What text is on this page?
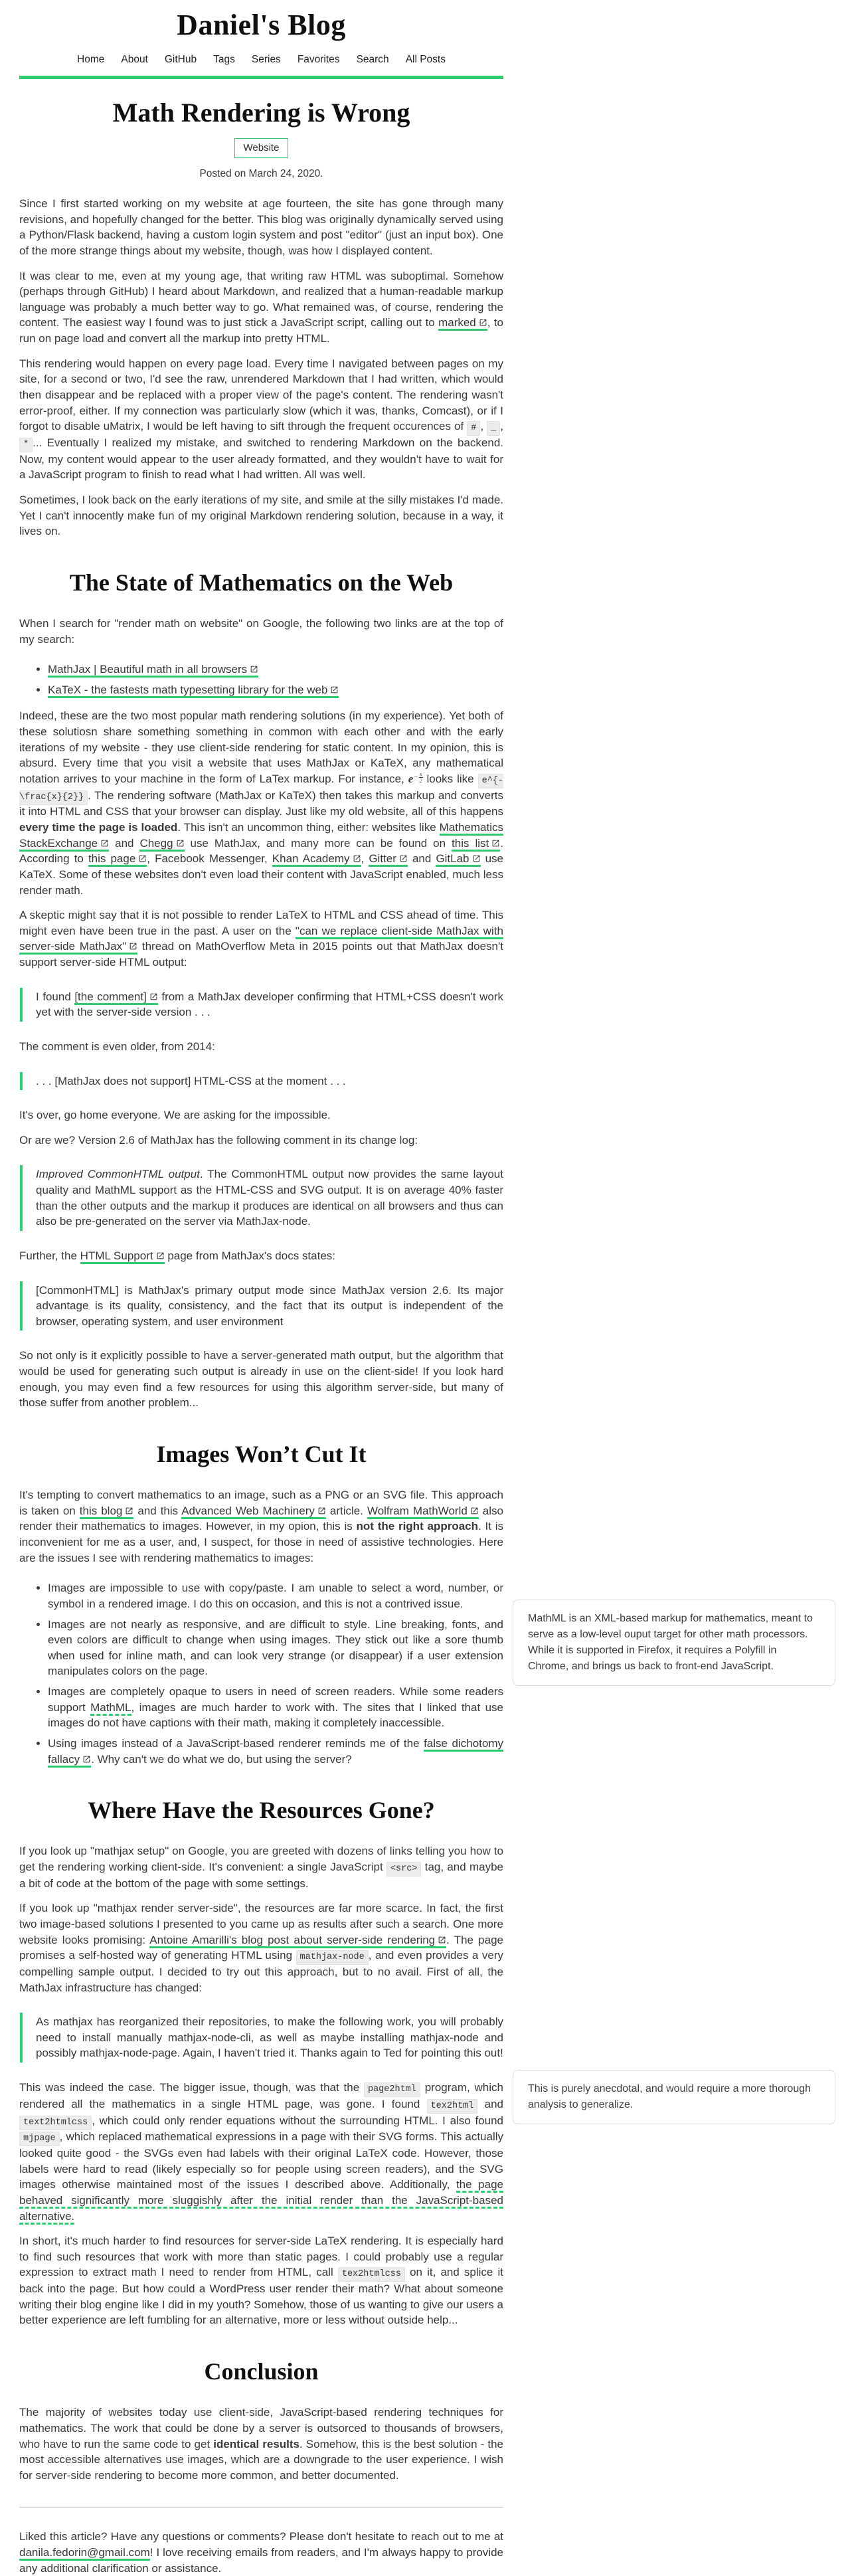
Daniel's Blog
Home About GitHub Tags Series Favorites Search All Posts
Math Rendering is Wrong
Website
Posted on March 24, 2020.

Since I first started working on my website at age fourteen, the site has gone through many revisions, and hopefully changed for the better. This blog was originally dynamically served using a Python/Flask backend, having a custom login system and post "editor" (just an input box). One of the more strange things about my website, though, was how I displayed content.

It was clear to me, even at my young age, that writing raw HTML was suboptimal. Somehow (perhaps through GitHub) I heard about Markdown, and realized that a human-readable markup language was probably a much better way to go. What remained was, of course, rendering the content. The easiest way I found was to just stick a JavaScript script, calling out to marked , to run on page load and convert all the markup into pretty HTML.

This rendering would happen on every page load. Every time I navigated between pages on my site, for a second or two, I'd see the raw, unrendered Markdown that I had written, which would then disappear and be replaced with a proper view of the page's content. The rendering wasn't error-proof, either. If my connection was particularly slow (which it was, thanks, Comcast), or if I forgot to disable uMatrix, I would be left having to sift through the frequent occurences of # , _ , * ... Eventually I realized my mistake, and switched to rendering Markdown on the backend. Now, my content would appear to the user already formatted, and they wouldn't have to wait for a JavaScript program to finish to read what I had written. All was well.

Sometimes, I look back on the early iterations of my site, and smile at the silly mistakes I'd made. Yet I can't innocently make fun of my original Markdown rendering solution, because in a way, it lives on.

The State of Mathematics on the Web

When I search for "render math on website" on Google, the following two links are at the top of my search:

• MathJax | Beautiful math in all browsers
• KaTeX - the fastests math typesetting library for the web

Indeed, these are the two most popular math rendering solutions (in my experience). Yet both of these solutiosn share something something in common with each other and with the early iterations of my website - they use client-side rendering for static content. In my opinion, this is absurd. Every time that you visit a website that uses MathJax or KaTeX, any mathematical notation arrives to your machine in the form of LaTex markup. For instance, $e^{- \frac{x}{2}}$ looks like e^{-\frac{x}{2}} . The rendering software (MathJax or KaTeX) then takes this markup and converts it into HTML and CSS that your browser can display. Just like my old website, all of this happens every time the page is loaded. This isn't an uncommon thing, either: websites like Mathematics StackExchange and Chegg use MathJax, and many more can be found on this list . According to this page , Facebook Messenger, Khan Academy , Gitter and GitLab use KaTeX. Some of these websites don't even load their content with JavaScript enabled, much less render math.

A skeptic might say that it is not possible to render LaTeX to HTML and CSS ahead of time. This might even have been true in the past. A user on the "can we replace client-side MathJax with server-side MathJax" thread on MathOverflow Meta in 2015 points out that MathJax doesn't support server-side HTML output:

I found [the comment] from a MathJax developer confirming that HTML+CSS doesn't work yet with the server-side version . . .

The comment is even older, from 2014:

. . . [MathJax does not support] HTML-CSS at the moment . . .

It's over, go home everyone. We are asking for the impossible.

Or are we? Version 2.6 of MathJax has the following comment in its change log:

Improved CommonHTML output. The CommonHTML output now provides the same layout quality and MathML support as the HTML-CSS and SVG output. It is on average 40% faster than the other outputs and the markup it produces are identical on all browsers and thus can also be pre-generated on the server via MathJax-node.

Further, the HTML Support page from MathJax's docs states:

[CommonHTML] is MathJax's primary output mode since MathJax version 2.6. Its major advantage is its quality, consistency, and the fact that its output is independent of the browser, operating system, and user environment

So not only is it explicitly possible to have a server-generated math output, but the algorithm that would be used for generating such output is already in use on the client-side! If you look hard enough, you may even find a few resources for using this algorithm server-side, but many of those suffer from another problem...

Images Won’t Cut It

It's tempting to convert mathematics to an image, such as a PNG or an SVG file. This approach is taken on this blog and this Advanced Web Machinery article. Wolfram MathWorld also render their mathematics to images. However, in my opion, this is not the right approach. It is inconvenient for me as a user, and, I suspect, for those in need of assistive technologies. Here are the issues I see with rendering mathematics to images:

• Images are impossible to use with copy/paste. I am unable to select a word, number, or symbol in a rendered image. I do this on occasion, and this is not a contrived issue.
• Images are not nearly as responsive, and are difficult to style. Line breaking, fonts, and even colors are difficult to change when using images. They stick out like a sore thumb when used for inline math, and can look very strange (or disappear) if a user extension manipulates colors on the page.
• Images are completely opaque to users in need of screen readers. While some readers support MathML, images are much harder to work with. The sites that I linked that use images do not have captions with their math, making it completely inaccessible.
• Using images instead of a JavaScript-based renderer reminds me of the false dichotomy fallacy . Why can't we do what we do, but using the server?
Where Have the Resources Gone?

If you look up "mathjax setup" on Google, you are greeted with dozens of links telling you how to get the rendering working client-side. It's convenient: a single JavaScript <src> tag, and maybe a bit of code at the bottom of the page with some settings.

If you look up "mathjax render server-side", the resources are far more scarce. In fact, the first two image-based solutions I presented to you came up as results after such a search. One more website looks promising: Antoine Amarilli's blog post about server-side rendering . The page promises a self-hosted way of generating HTML using mathjax-node , and even provides a very compelling sample output. I decided to try out this approach, but to no avail. First of all, the MathJax infrastructure has changed:

As mathjax has reorganized their repositories, to make the following work, you will probably need to install manually mathjax-node-cli, as well as maybe installing mathjax-node and possibly mathjax-node-page. Again, I haven't tried it. Thanks again to Ted for pointing this out!

This was indeed the case. The bigger issue, though, was that the page2html program, which rendered all the mathematics in a single HTML page, was gone. I found tex2html and text2htmlcss , which could only render equations without the surrounding HTML. I also found mjpage , which replaced mathematical expressions in a page with their SVG forms. This actually looked quite good - the SVGs even had labels with their original LaTeX code. However, those labels were hard to read (likely especially so for people using screen readers), and the SVG images otherwise maintained most of the issues I described above. Additionally, the page behaved significantly more sluggishly after the initial render than the JavaScript-based alternative.

In short, it's much harder to find resources for server-side LaTeX rendering. It is especially hard to find such resources that work with more than static pages. I could probably use a regular expression to extract math I need to render from HTML, call tex2htmlcss on it, and splice it back into the page. But how could a WordPress user render their math? What about someone writing their blog engine like I did in my youth? Somehow, those of us wanting to give our users a better experience are left fumbling for an alternative, more or less without outside help...

Conclusion

The majority of websites today use client-side, JavaScript-based rendering techniques for mathematics. The work that could be done by a server is outsorced to thousands of browsers, who have to run the same code to get identical results. Somehow, this is the best solution - the most accessible alternatives use images, which are a downgrade to the user experience. I wish for server-side rendering to become more common, and better documented.

Liked this article? Have any questions or comments? Please don't hesitate to reach out to me at danila.fedorin@gmail.com! I love receiving emails from readers, and I'm always happy to provide any additional clarification or assistance.

MathML is an XML-based markup for mathematics, meant to serve as a low-level ouput target for other math processors. While it is supported in Firefox, it requires a Polyfill in Chrome, and brings us back to front-end JavaScript.
This is purely anecdotal, and would require a more thorough analysis to generalize.
